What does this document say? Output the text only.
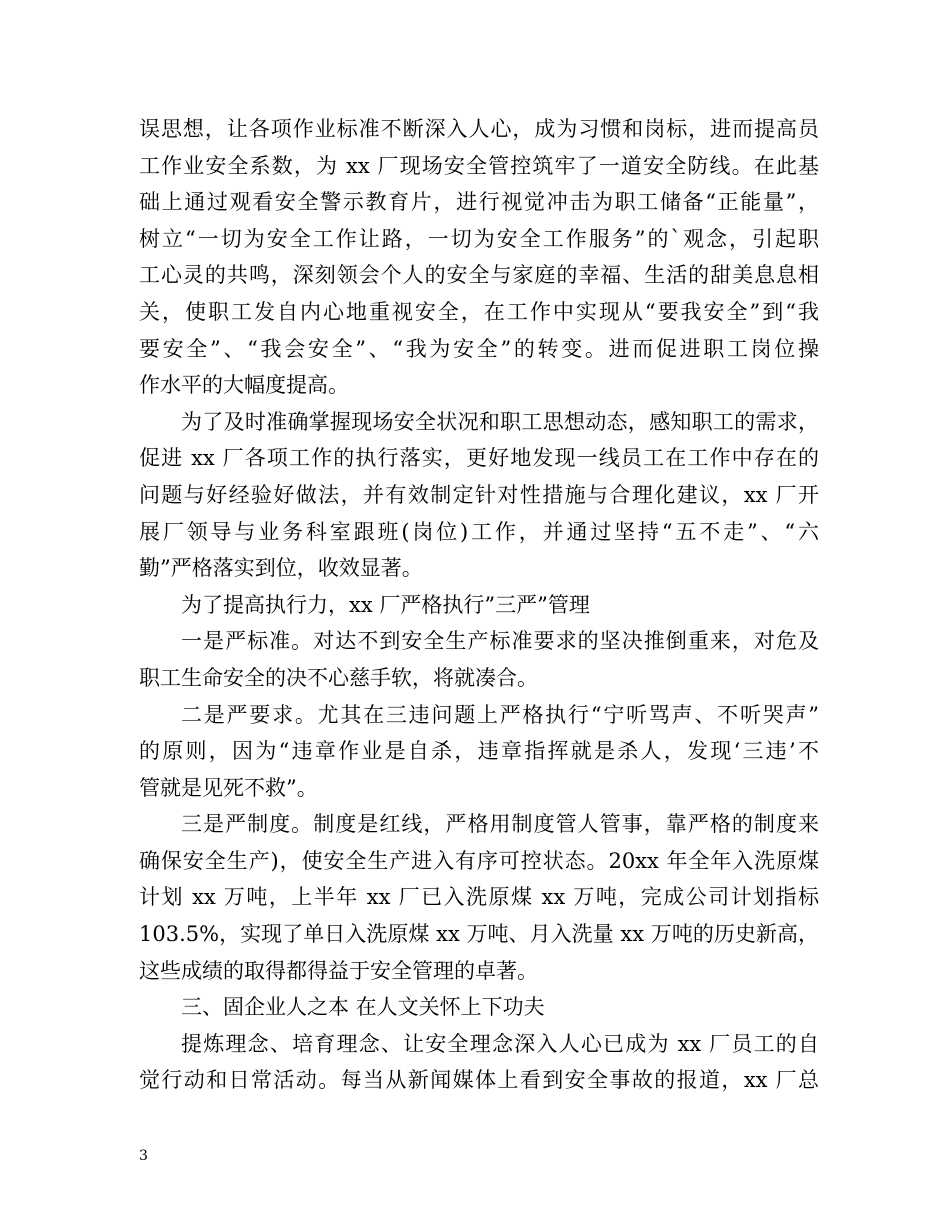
误思想，让各项作业标准不断深入人心，成为习惯和岗标，进而提高员
工作业安全系数，为 xx 厂现场安全管控筑牢了一道安全防线。在此基
础上通过观看安全警示教育片，进行视觉冲击为职工储备“正能量”，
树立“一切为安全工作让路，一切为安全工作服务”的`观念，引起职
工心灵的共鸣，深刻领会个人的安全与家庭的幸福、生活的甜美息息相
关，使职工发自内心地重视安全，在工作中实现从“要我安全”到“我
要安全”、“我会安全”、“我为安全”的转变。进而促进职工岗位操
作水平的大幅度提高。
为了及时准确掌握现场安全状况和职工思想动态，感知职工的需求，
促进 xx 厂各项工作的执行落实，更好地发现一线员工在工作中存在的
问题与好经验好做法，并有效制定针对性措施与合理化建议，xx 厂开
展厂领导与业务科室跟班(岗位)工作，并通过坚持“五不走”、“六
勤”严格落实到位，收效显著。
为了提高执行力，xx 厂严格执行”三严”管理
一是严标准。对达不到安全生产标准要求的坚决推倒重来，对危及
职工生命安全的决不心慈手软，将就凑合。
二是严要求。尤其在三违问题上严格执行“宁听骂声、不听哭声”
的原则，因为“违章作业是自杀，违章指挥就是杀人，发现‘三违’不
管就是见死不救”。
三是严制度。制度是红线，严格用制度管人管事，靠严格的制度来
确保安全生产)，使安全生产进入有序可控状态。20xx 年全年入洗原煤
计划 xx 万吨，上半年 xx 厂已入洗原煤 xx 万吨，完成公司计划指标
103.5%，实现了单日入洗原煤 xx 万吨、月入洗量 xx 万吨的历史新高，
这些成绩的取得都得益于安全管理的卓著。
三、固企业人之本 在人文关怀上下功夫
提炼理念、培育理念、让安全理念深入人心已成为 xx 厂员工的自
觉行动和日常活动。每当从新闻媒体上看到安全事故的报道，xx 厂总
3
